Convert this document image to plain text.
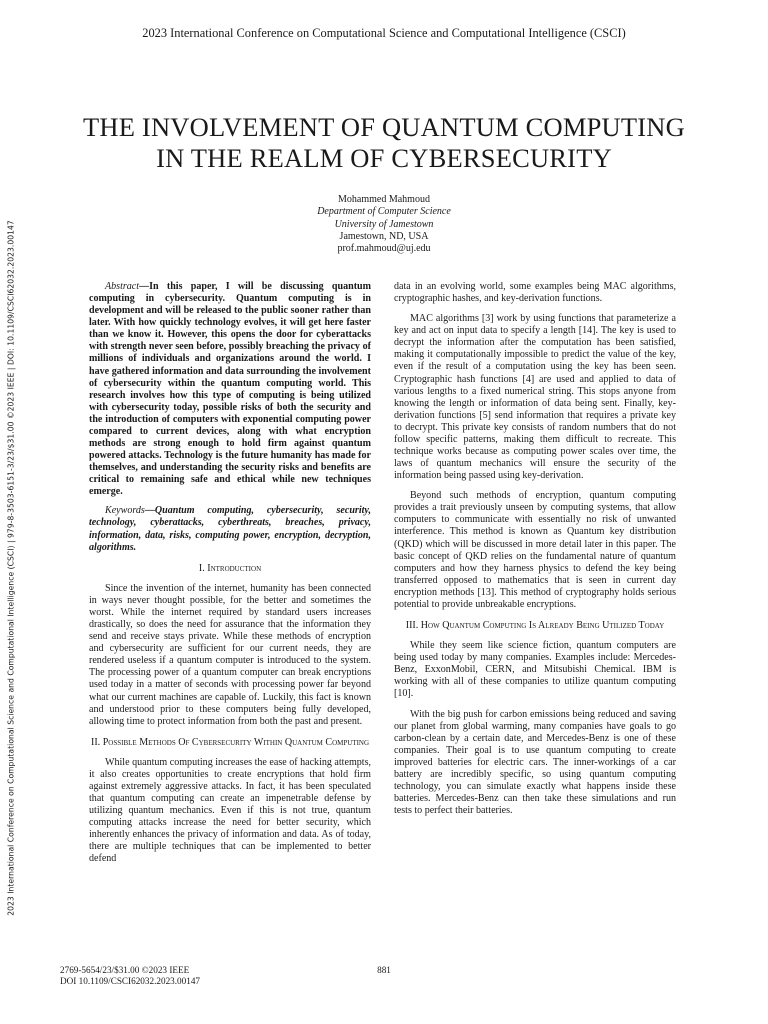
2023 International Conference on Computational Science and Computational Intelligence (CSCI)
THE INVOLVEMENT OF QUANTUM COMPUTING
IN THE REALM OF CYBERSECURITY
Mohammed Mahmoud
Department of Computer Science
University of Jamestown
Jamestown, ND, USA
prof.mahmoud@uj.edu
2023 International Conference on Computational Science and Computational Intelligence (CSCI) | 979-8-3503-6151-3/23/$31.00 ©2023 IEEE | DOI: 10.1109/CSCI62032.2023.00147	Abstract—In this paper, I will be discussing quantum computing in cybersecurity. Quantum computing is in development and will be released to the public sooner rather than later. With how quickly technology evolves, it will get here faster than we know it. However, this opens the door for cyberattacks with strength never seen before, possibly breaching the privacy of millions of individuals and organizations around the world. I have gathered information and data surrounding the involvement of cybersecurity within the quantum computing world. This research involves how this type of computing is being utilized with cybersecurity today, possible risks of both the security and the introduction of computers with exponential computing power compared to current devices, along with what encryption methods are strong enough to hold firm against quantum powered attacks. Technology is the future humanity has made for themselves, and understanding the security risks and benefits are critical to remaining safe and ethical while new techniques emerge.

Keywords—Quantum computing, cybersecurity, security, technology, cyberattacks, cyberthreats, breaches, privacy, information, data, risks, computing power, encryption, decryption, algorithms.

I. Introduction

Since the invention of the internet, humanity has been connected in ways never thought possible, for the better and sometimes the worst. While the internet required by standard users increases drastically, so does the need for assurance that the information they send and receive stays private. While these methods of encryption and cybersecurity are sufficient for our current needs, they are rendered useless if a quantum computer is introduced to the system. The processing power of a quantum computer can break encryptions used today in a matter of seconds with processing power far beyond what our current machines are capable of. Luckily, this fact is known and understood prior to these computers being fully developed, allowing time to protect information from both the past and present.

II. Possible Methods Of Cybersecurity Within Quantum Computing

While quantum computing increases the ease of hacking attempts, it also creates opportunities to create encryptions that hold firm against extremely aggressive attacks. In fact, it has been speculated that quantum computing can create an impenetrable defense by utilizing quantum mechanics. Even if this is not true, quantum computing attacks increase the need for better security, which inherently enhances the privacy of information and data. As of today, there are multiple techniques that can be implemented to better defend

data in an evolving world, some examples being MAC algorithms, cryptographic hashes, and key-derivation functions.

MAC algorithms [3] work by using functions that parameterize a key and act on input data to specify a length [14]. The key is used to decrypt the information after the computation has been satisfied, making it computationally impossible to predict the value of the key, even if the result of a computation using the key has been seen. Cryptographic hash functions [4] are used and applied to data of various lengths to a fixed numerical string. This stops anyone from knowing the length or information of data being sent. Finally, key-derivation functions [5] send information that requires a private key to decrypt. This private key consists of random numbers that do not follow specific patterns, making them difficult to recreate. This technique works because as computing power scales over time, the laws of quantum mechanics will ensure the security of the information being passed using key-derivation.

Beyond such methods of encryption, quantum computing provides a trait previously unseen by computing systems, that allow computers to communicate with essentially no risk of unwanted interference. This method is known as Quantum key distribution (QKD) which will be discussed in more detail later in this paper. The basic concept of QKD relies on the fundamental nature of quantum computers and how they harness physics to defend the key being transferred opposed to mathematics that is seen in current day encryption methods [13]. This method of cryptography holds serious potential to provide unbreakable encryptions.

III. How Quantum Computing Is Already Being Utilized Today

While they seem like science fiction, quantum computers are being used today by many companies. Examples include: Mercedes-Benz, ExxonMobil, CERN, and Mitsubishi Chemical. IBM is working with all of these companies to utilize quantum computing [10].

With the big push for carbon emissions being reduced and saving our planet from global warming, many companies have goals to go carbon-clean by a certain date, and Mercedes-Benz is one of these companies. Their goal is to use quantum computing to create improved batteries for electric cars. The inner-workings of a car battery are incredibly specific, so using quantum computing technology, you can simulate exactly what happens inside these batteries. Mercedes-Benz can then take these simulations and run tests to perfect their batteries.

2769-5654/23/$31.00 ©2023 IEEE
DOI 10.1109/CSCI62032.2023.00147
881
